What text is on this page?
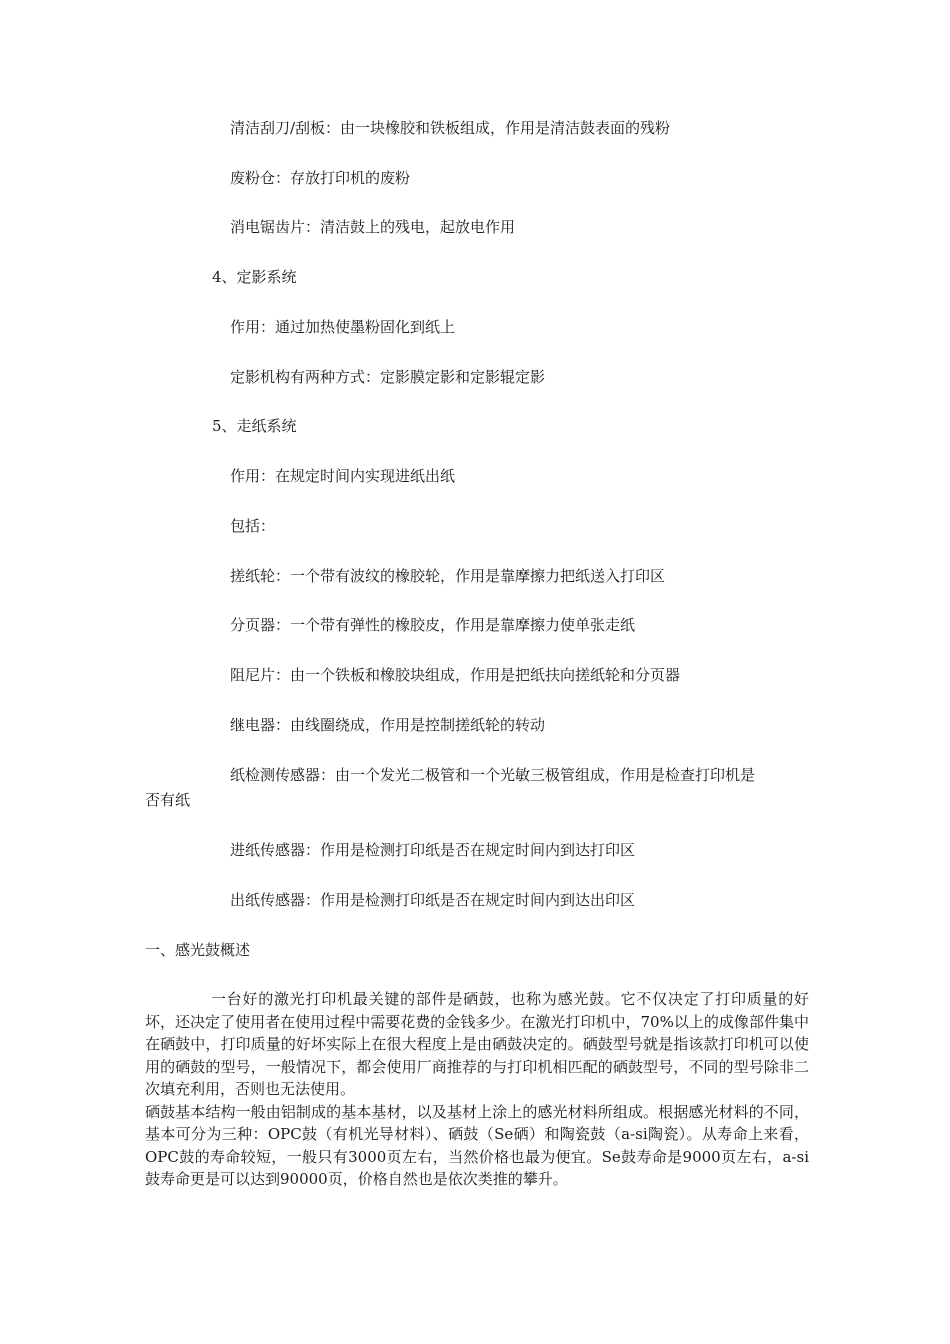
清洁刮刀/刮板：由一块橡胶和铁板组成，作用是清洁鼓表面的残粉
废粉仓：存放打印机的废粉
消电锯齿片：清洁鼓上的残电，起放电作用
4、定影系统
作用：通过加热使墨粉固化到纸上
定影机构有两种方式：定影膜定影和定影辊定影
5、走纸系统
作用：在规定时间内实现进纸出纸
包括：
搓纸轮：一个带有波纹的橡胶轮，作用是靠摩擦力把纸送入打印区
分页器：一个带有弹性的橡胶皮，作用是靠摩擦力使单张走纸
阻尼片：由一个铁板和橡胶块组成，作用是把纸扶向搓纸轮和分页器
继电器：由线圈绕成，作用是控制搓纸轮的转动
纸检测传感器：由一个发光二极管和一个光敏三极管组成，作用是检查打印机是
否有纸
进纸传感器：作用是检测打印纸是否在规定时间内到达打印区
出纸传感器：作用是检测打印纸是否在规定时间内到达出印区
一、感光鼓概述

一台好的激光打印机最关键的部件是硒鼓，也称为感光鼓。它不仅决定了打印质量的好坏，还决定了使用者在使用过程中需要花费的金钱多少。在激光打印机中，70%以上的成像部件集中在硒鼓中，打印质量的好坏实际上在很大程度上是由硒鼓决定的。硒鼓型号就是指该款打印机可以使用的硒鼓的型号，一般情况下，都会使用厂商推荐的与打印机相匹配的硒鼓型号，不同的型号除非二次填充利用，否则也无法使用。

硒鼓基本结构一般由铝制成的基本基材，以及基材上涂上的感光材料所组成。根据感光材料的不同，基本可分为三种：OPC鼓（有机光导材料）、硒鼓（Se硒）和陶瓷鼓（a-si陶瓷）。从寿命上来看，OPC鼓的寿命较短，一般只有3000页左右，当然价格也最为便宜。Se鼓寿命是9000页左右，a-si鼓寿命更是可以达到90000页，价格自然也是依次类推的攀升。
